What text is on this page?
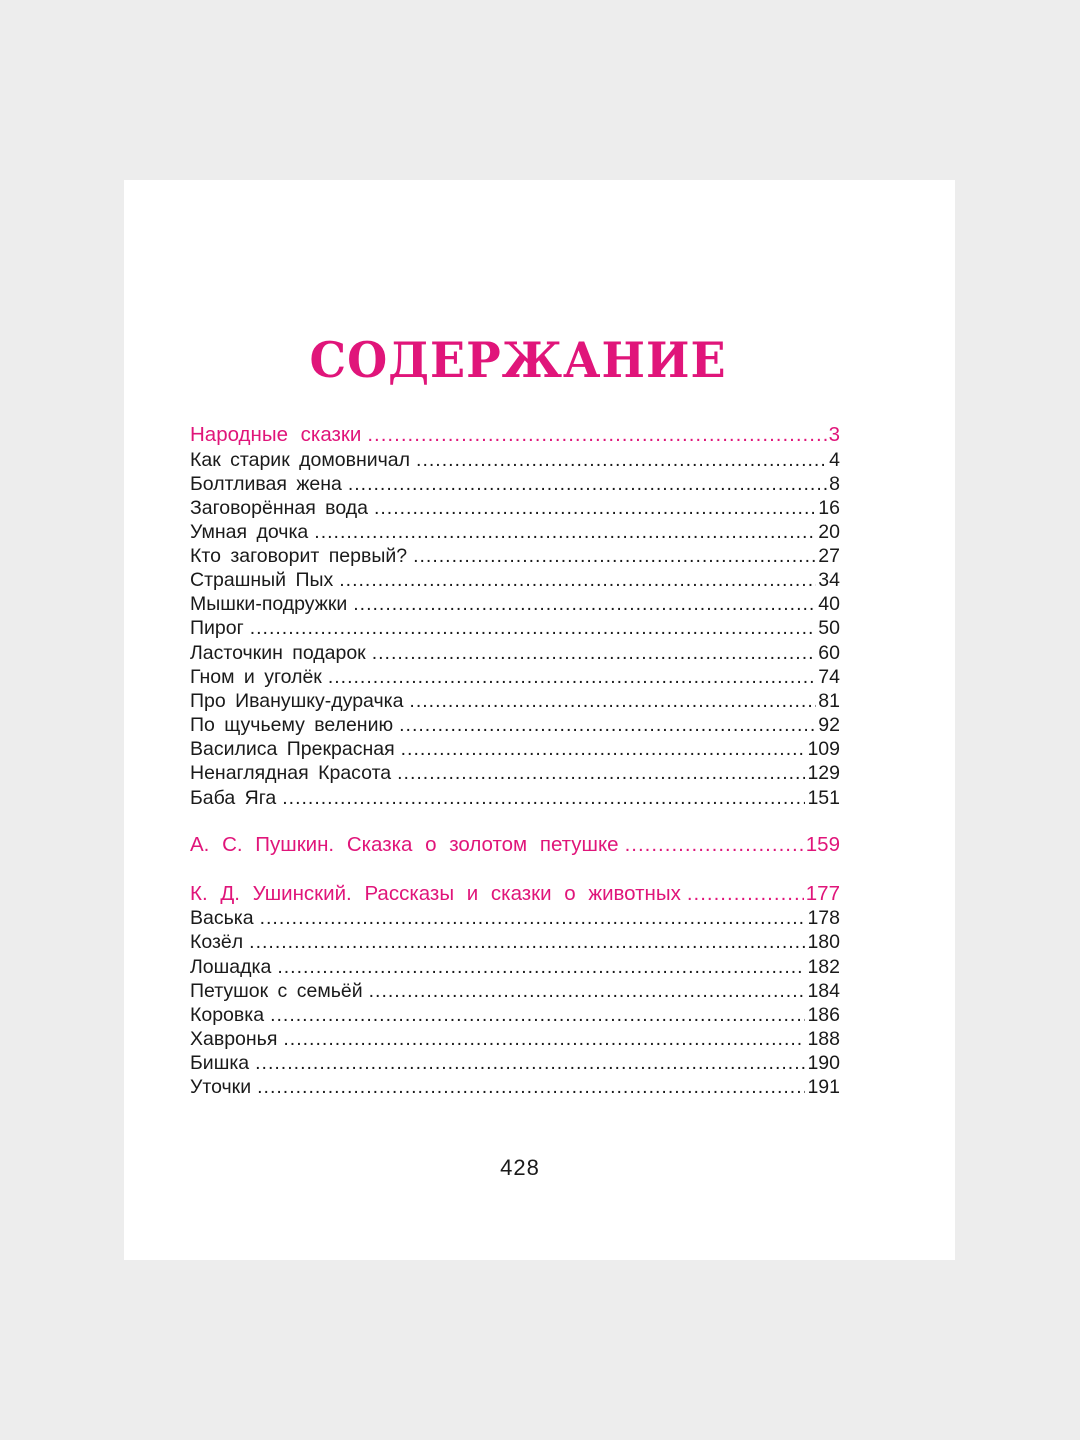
СОДЕРЖАНИЕ
Народные сказки .....	3
Как старик домовничал .....	4
Болтливая жена .....	8
Заговорённая вода .....	16
Умная дочка .....	20
Кто заговорит первый? .....	27
Страшный Пых .....	34
Мышки-подружки .....	40
Пирог .....	50
Ласточкин подарок .....	60
Гном и уголёк .....	74
Про Иванушку-дурачка .....	81
По щучьему велению .....	92
Василиса Прекрасная .....	109
Ненаглядная Красота .....	129
Баба Яга .....	151
А. С. Пушкин. Сказка о золотом петушке .....	159
К. Д. Ушинский. Рассказы и сказки о животных .....	177
Васька .....	178
Козёл .....	180
Лошадка .....	182
Петушок с семьёй .....	184
Коровка .....	186
Хавронья .....	188
Бишка .....	190
Уточки .....	191
428
